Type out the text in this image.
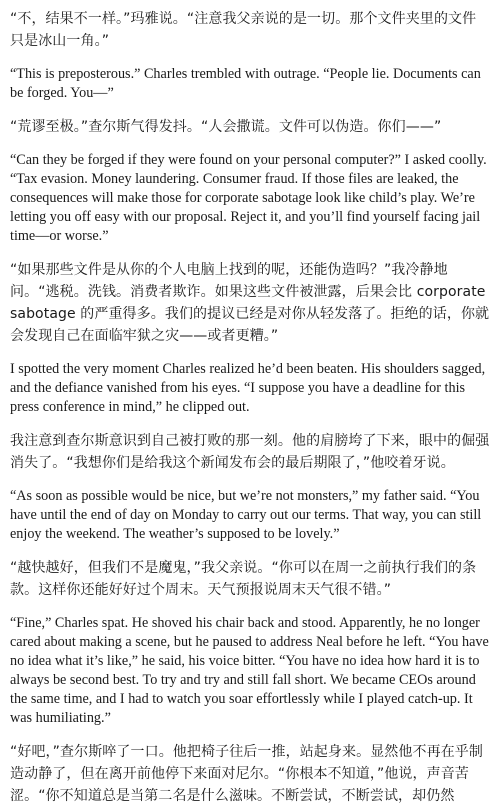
“不，结果不一样。”玛雅说。“注意我父亲说的是一切。那个文件夹里的文件只是冰山一角。”

“This is preposterous.” Charles trembled with outrage. “People lie. Documents can be forged. You—”

“荒谬至极。”查尔斯气得发抖。“人会撒谎。文件可以伪造。你们——”

“Can they be forged if they were found on your personal computer?” I asked coolly. “Tax evasion. Money laundering. Consumer fraud. If those files are leaked, the consequences will make those for corporate sabotage look like child’s play. We’re letting you off easy with our proposal. Reject it, and you’ll find yourself facing jail time—or worse.”

“如果那些文件是从你的个人电脑上找到的呢，还能伪造吗？”我冷静地问。“逃税。洗钱。消费者欺诈。如果这些文件被泄露，后果会比 corporate sabotage 的严重得多。我们的提议已经是对你从轻发落了。拒绝的话，你就会发现自己在面临牢狱之灾——或者更糟。”

I spotted the very moment Charles realized he’d been beaten. His shoulders sagged, and the defiance vanished from his eyes. “I suppose you have a deadline for this press conference in mind,” he clipped out.

我注意到查尔斯意识到自己被打败的那一刻。他的肩膀垮了下来，眼中的倔强消失了。“我想你们是给我这个新闻发布会的最后期限了，”他咬着牙说。

“As soon as possible would be nice, but we’re not monsters,” my father said. “You have until the end of day on Monday to carry out our terms. That way, you can still enjoy the weekend. The weather’s supposed to be lovely.”

“越快越好，但我们不是魔鬼，”我父亲说。“你可以在周一之前执行我们的条款。这样你还能好好过个周末。天气预报说周末天气很不错。”

“Fine,” Charles spat. He shoved his chair back and stood. Apparently, he no longer cared about making a scene, but he paused to address Neal before he left. “You have no idea what it’s like,” he said, his voice bitter. “You have no idea how hard it is to always be second best. To try and try and still fall short. We became CEOs around the same time, and I had to watch you soar effortlessly while I played catch-up. It was humiliating.”

“好吧，”查尔斯啐了一口。他把椅子往后一推，站起身来。显然他不再在乎制造动静了，但在离开前他停下来面对尼尔。“你根本不知道，”他说，声音苦涩。“你不知道总是当第二名是什么滋味。不断尝试，不断尝试，却仍然
